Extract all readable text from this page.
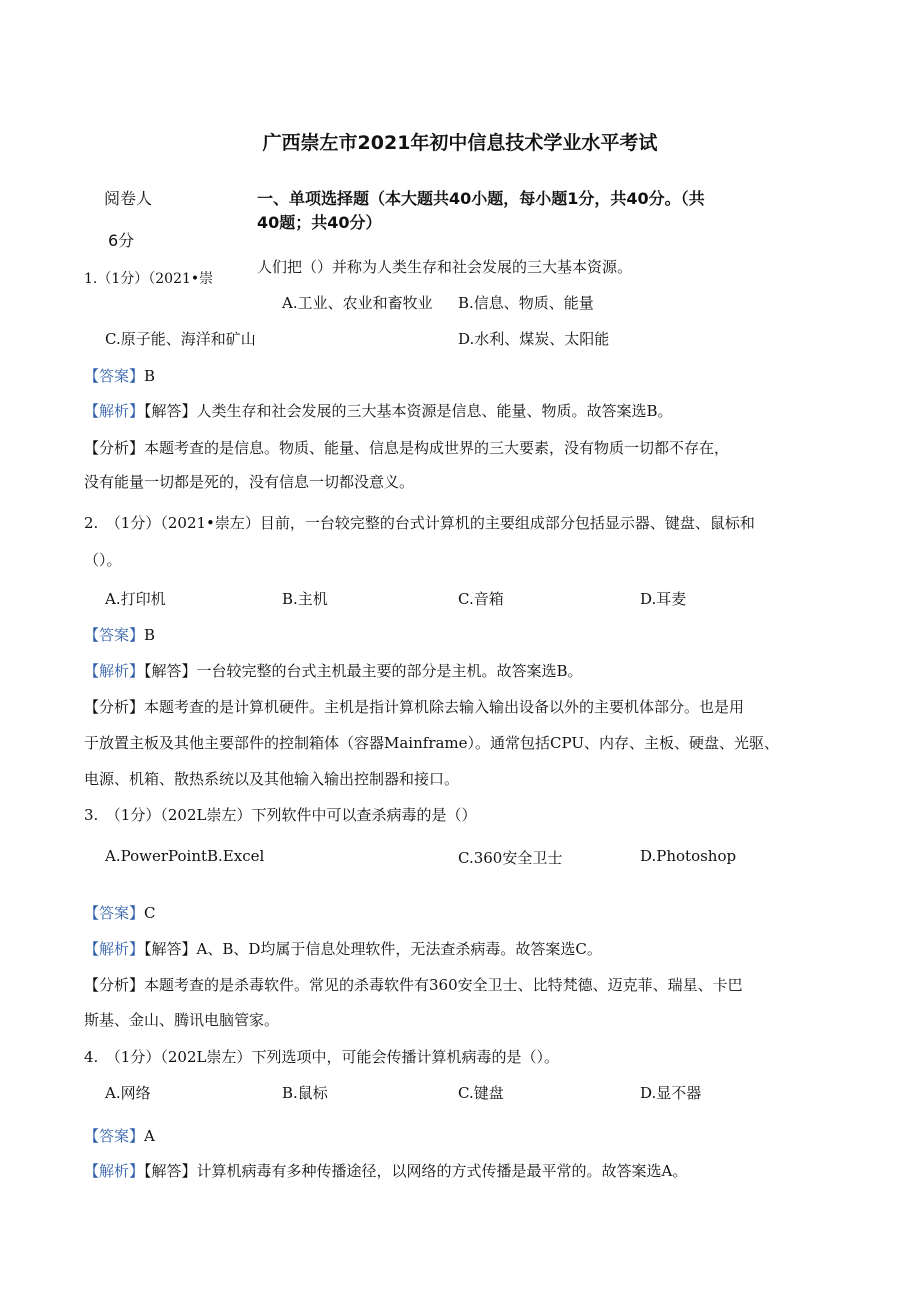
广西崇左市2021年初中信息技术学业水平考试
阅卷人
6分
一、单项选择题（本大题共40小题，每小题1分，共40分。（共
40题；共40分）
1.（1分）（2021•崇
人们把（）并称为人类生存和社会发展的三大基本资源。
A.工业、农业和畜牧业 B.信息、物质、能量
C.原子能、海洋和矿山	D.水利、煤炭、太阳能
【答案】B
【解析】【解答】人类生存和社会发展的三大基本资源是信息、能量、物质。故答案选B。
【分析】本题考查的是信息。物质、能量、信息是构成世界的三大要素，没有物质一切都不存在，
没有能量一切都是死的，没有信息一切都没意义。
2.　（1分）（2021•崇左）目前，一台较完整的台式计算机的主要组成部分包括显示器、键盘、鼠标和
（）。
A.打印机	B.主机	C.音箱	D.耳麦
【答案】B
【解析】【解答】一台较完整的台式主机最主要的部分是主机。故答案选B。
【分析】本题考查的是计算机硬件。主机是指计算机除去输入输出设备以外的主要机体部分。也是用
于放置主板及其他主要部件的控制箱体（容器Mainframe）。通常包括CPU、内存、主板、硬盘、光驱、
电源、机箱、散热系统以及其他输入输出控制器和接口。
3.　（1分）（202L崇左）下列软件中可以查杀病毒的是（）
A.PowerPointB.Excel	C.360安全卫士	D.Photoshop
【答案】C
【解析】【解答】A、B、D均属于信息处理软件，无法查杀病毒。故答案选C。
【分析】本题考查的是杀毒软件。常见的杀毒软件有360安全卫士、比特梵德、迈克菲、瑞星、卡巴
斯基、金山、腾讯电脑管家。
4.　（1分）（202L崇左）下列选项中，可能会传播计算机病毒的是（）。
A.网络	B.鼠标	C.键盘	D.显不器
【答案】A
【解析】【解答】计算机病毒有多种传播途径，以网络的方式传播是最平常的。故答案选A。
